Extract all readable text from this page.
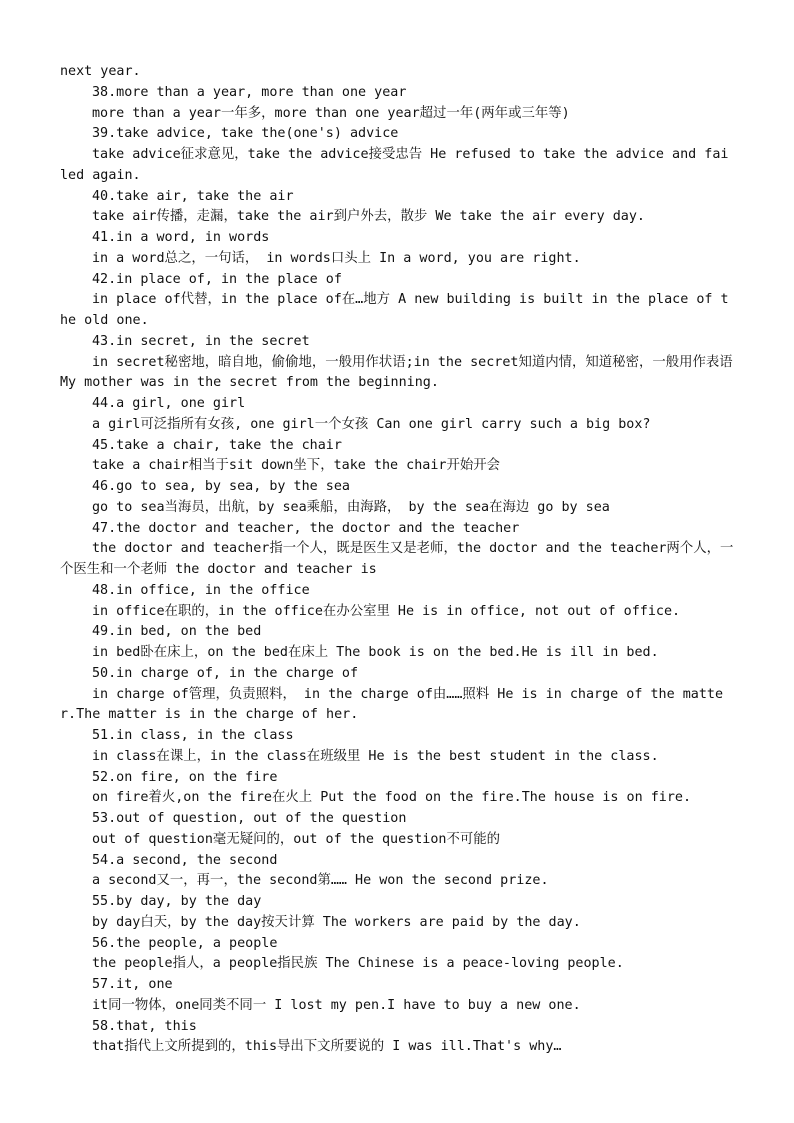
next year.
38.more than a year, more than one year
more than a year一年多，more than one year超过一年(两年或三年等)
39.take advice, take the(one's) advice
take advice征求意见，take the advice接受忠告 He refused to take the advice and failed again.
40.take air, take the air
take air传播，走漏，take the air到户外去，散步 We take the air every day.
41.in a word, in words
in a word总之，一句话， in words口头上 In a word, you are right.
42.in place of, in the place of
in place of代替，in the place of在…地方 A new building is built in the place of the old one.
43.in secret, in the secret
in secret秘密地，暗自地，偷偷地，一般用作状语;in the secret知道内情，知道秘密，一般用作表语 My mother was in the secret from the beginning.
44.a girl, one girl
a girl可泛指所有女孩, one girl一个女孩 Can one girl carry such a big box?
45.take a chair, take the chair
take a chair相当于sit down坐下，take the chair开始开会
46.go to sea, by sea, by the sea
go to sea当海员，出航，by sea乘船，由海路， by the sea在海边 go by sea
47.the doctor and teacher, the doctor and the teacher
the doctor and teacher指一个人，既是医生又是老师，the doctor and the teacher两个人，一个医生和一个老师 the doctor and teacher is
48.in office, in the office
in office在职的，in the office在办公室里 He is in office, not out of office.
49.in bed, on the bed
in bed卧在床上，on the bed在床上 The book is on the bed.He is ill in bed.
50.in charge of, in the charge of
in charge of管理，负责照料， in the charge of由……照料 He is in charge of the matter.The matter is in the charge of her.
51.in class, in the class
in class在课上，in the class在班级里 He is the best student in the class.
52.on fire, on the fire
on fire着火,on the fire在火上 Put the food on the fire.The house is on fire.
53.out of question, out of the question
out of question毫无疑问的，out of the question不可能的
54.a second, the second
a second又一，再一，the second第…… He won the second prize.
55.by day, by the day
by day白天，by the day按天计算 The workers are paid by the day.
56.the people, a people
the people指人，a people指民族 The Chinese is a peace-loving people.
57.it, one
it同一物体，one同类不同一 I lost my pen.I have to buy a new one.
58.that, this
that指代上文所提到的，this导出下文所要说的 I was ill.That's why…
